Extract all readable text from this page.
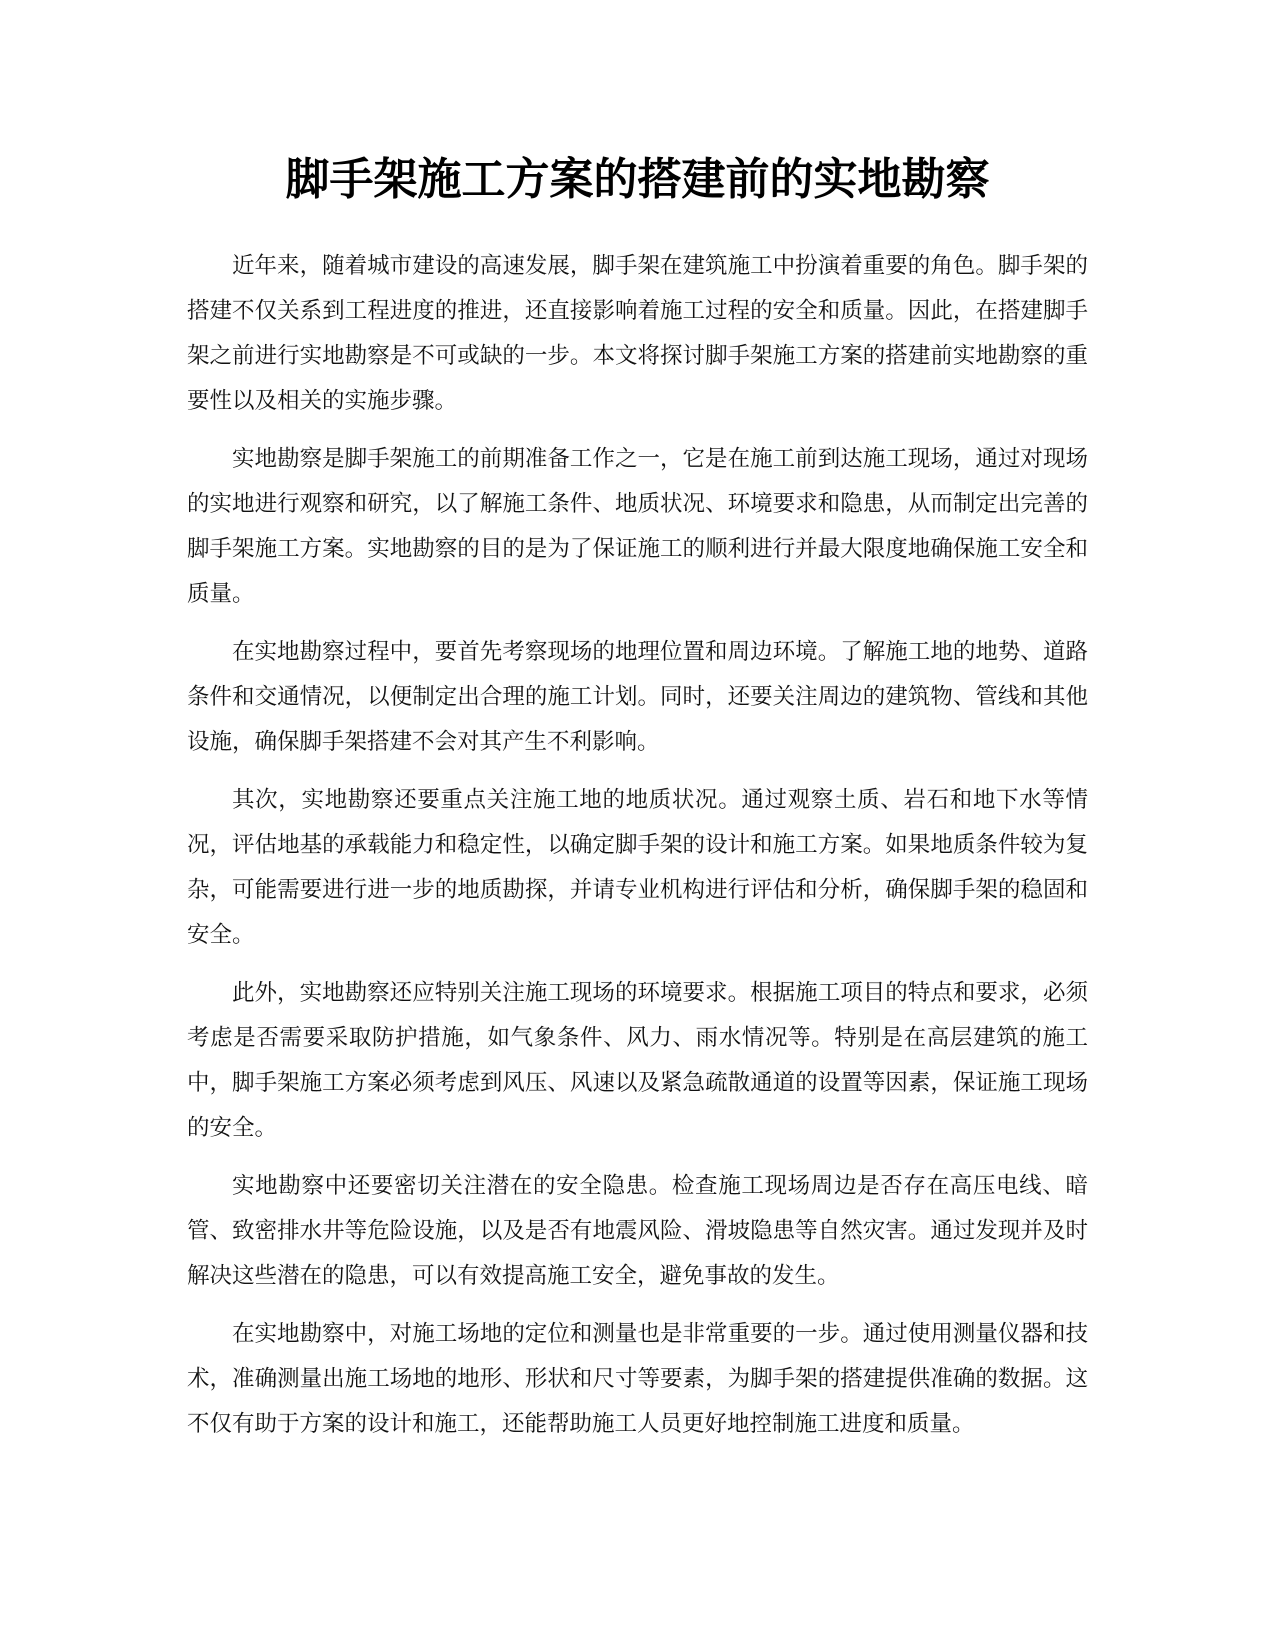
脚手架施工方案的搭建前的实地勘察

近年来，随着城市建设的高速发展，脚手架在建筑施工中扮演着重要的角色。脚手架的搭建不仅关系到工程进度的推进，还直接影响着施工过程的安全和质量。因此，在搭建脚手架之前进行实地勘察是不可或缺的一步。本文将探讨脚手架施工方案的搭建前实地勘察的重要性以及相关的实施步骤。

实地勘察是脚手架施工的前期准备工作之一，它是在施工前到达施工现场，通过对现场的实地进行观察和研究，以了解施工条件、地质状况、环境要求和隐患，从而制定出完善的脚手架施工方案。实地勘察的目的是为了保证施工的顺利进行并最大限度地确保施工安全和质量。

在实地勘察过程中，要首先考察现场的地理位置和周边环境。了解施工地的地势、道路条件和交通情况，以便制定出合理的施工计划。同时，还要关注周边的建筑物、管线和其他设施，确保脚手架搭建不会对其产生不利影响。

其次，实地勘察还要重点关注施工地的地质状况。通过观察土质、岩石和地下水等情况，评估地基的承载能力和稳定性，以确定脚手架的设计和施工方案。如果地质条件较为复杂，可能需要进行进一步的地质勘探，并请专业机构进行评估和分析，确保脚手架的稳固和安全。

此外，实地勘察还应特别关注施工现场的环境要求。根据施工项目的特点和要求，必须考虑是否需要采取防护措施，如气象条件、风力、雨水情况等。特别是在高层建筑的施工中，脚手架施工方案必须考虑到风压、风速以及紧急疏散通道的设置等因素，保证施工现场的安全。

实地勘察中还要密切关注潜在的安全隐患。检查施工现场周边是否存在高压电线、暗管、致密排水井等危险设施，以及是否有地震风险、滑坡隐患等自然灾害。通过发现并及时解决这些潜在的隐患，可以有效提高施工安全，避免事故的发生。

在实地勘察中，对施工场地的定位和测量也是非常重要的一步。通过使用测量仪器和技术，准确测量出施工场地的地形、形状和尺寸等要素，为脚手架的搭建提供准确的数据。这不仅有助于方案的设计和施工，还能帮助施工人员更好地控制施工进度和质量。
